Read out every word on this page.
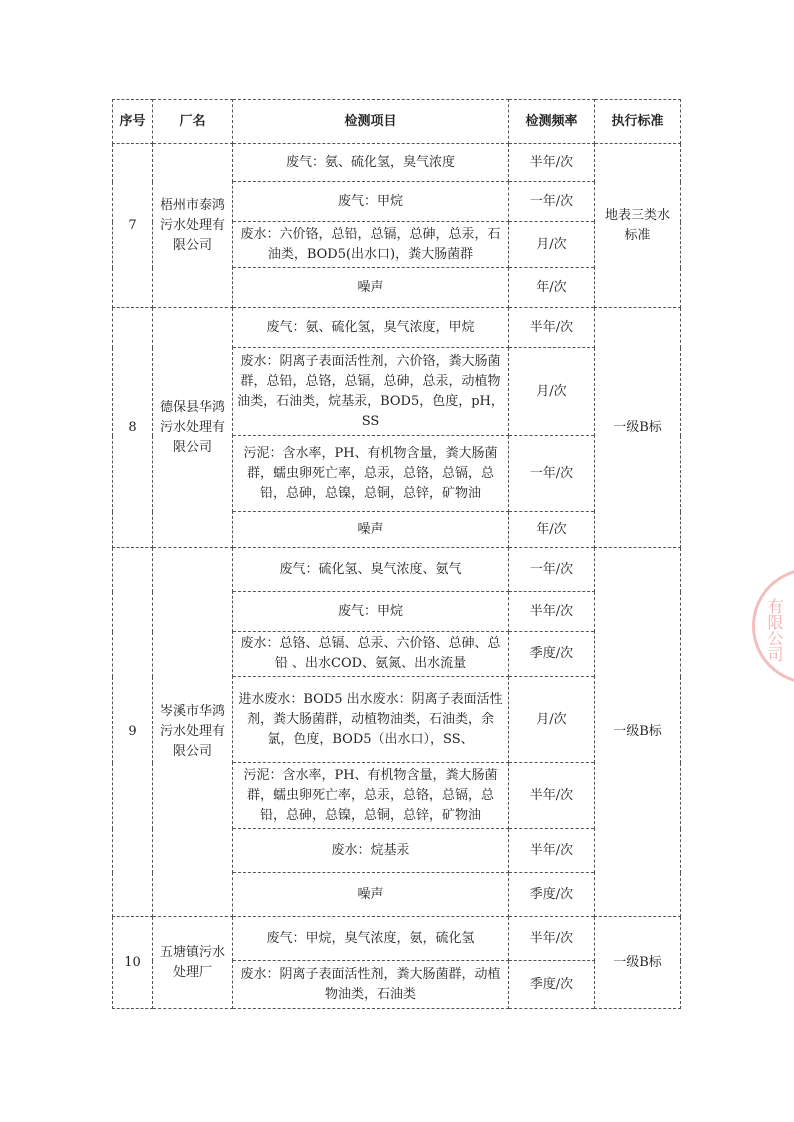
序号	厂名	检测项目	检测频率	执行标准
7	梧州市泰鸿污水处理有限公司	废气：氨、硫化氢，臭气浓度	半年/次	地表三类水标准
		废气：甲烷	一年/次	
		废水：六价铬，总铅，总镉，总砷，总汞，石油类，BOD5(出水口)，粪大肠菌群	月/次	
		噪声	年/次	
8	德保县华鸿污水处理有限公司	废气：氨、硫化氢，臭气浓度，甲烷	半年/次	一级B标
		废水：阴离子表面活性剂，六价铬，粪大肠菌群，总铅，总铬，总镉，总砷，总汞，动植物油类，石油类，烷基汞，BOD5，色度，pH，SS	月/次	
		污泥：含水率，PH、有机物含量，粪大肠菌群，蠕虫卵死亡率，总汞，总铬，总镉，总铅，总砷，总镍，总铜，总锌，矿物油	一年/次	
		噪声	年/次	
9	岑溪市华鸿污水处理有限公司	废气：硫化氢、臭气浓度、氨气	一年/次	一级B标
		废气：甲烷	半年/次	
		废水：总铬、总镉、总汞、六价铬、总砷、总铅 、出水COD、氨氮、出水流量	季度/次	
		进水废水：BOD5 出水废水：阴离子表面活性剂，粪大肠菌群，动植物油类，石油类，余氯，色度，BOD5（出水口），SS、	月/次	
		污泥：含水率，PH、有机物含量，粪大肠菌群，蠕虫卵死亡率，总汞，总铬，总镉，总铅，总砷，总镍，总铜，总锌，矿物油	半年/次	
		废水：烷基汞	半年/次	
		噪声	季度/次	
10	五塘镇污水处理厂	废气：甲烷，臭气浓度，氨，硫化氢	半年/次	一级B标
		废水：阴离子表面活性剂，粪大肠菌群，动植物油类，石油类	季度/次	
有限公司
